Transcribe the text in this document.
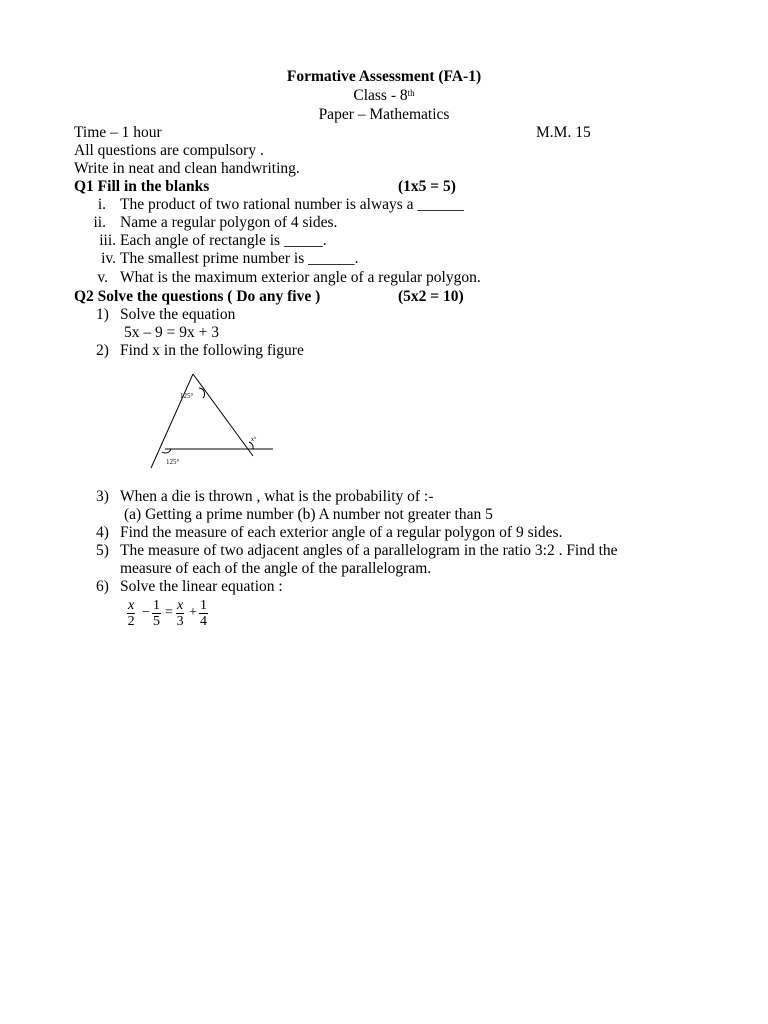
Formative Assessment (FA-1)
Class - 8th
Paper – Mathematics
Time – 1 hour	M.M. 15
All questions are compulsory .
Write in neat and clean handwriting.
Q1 Fill in the blanks	(1x5 = 5)
i. The product of two rational number is always a ______
ii. Name a regular polygon of 4 sides.
iii. Each angle of rectangle is _____.
iv. The smallest prime number is ______.
v. What is the maximum exterior angle of a regular polygon.
Q2 Solve the questions ( Do any five )	(5x2 = 10)
1) Solve the equation
5x – 9 = 9x + 3
2) Find x in the following figure
125°
125°
x°
3) When a die is thrown , what is the probability of :-
(a) Getting a prime number (b) A number not greater than 5
4) Find the measure of each exterior angle of a regular polygon of 9 sides.
5) The measure of two adjacent angles of a parallelogram in the ratio 3:2 . Find the
measure of each of the angle of the parallelogram.
6) Solve the linear equation :
$\frac{x}{2} - \frac{1}{5} = \frac{x}{3} + \frac{1}{4}$
